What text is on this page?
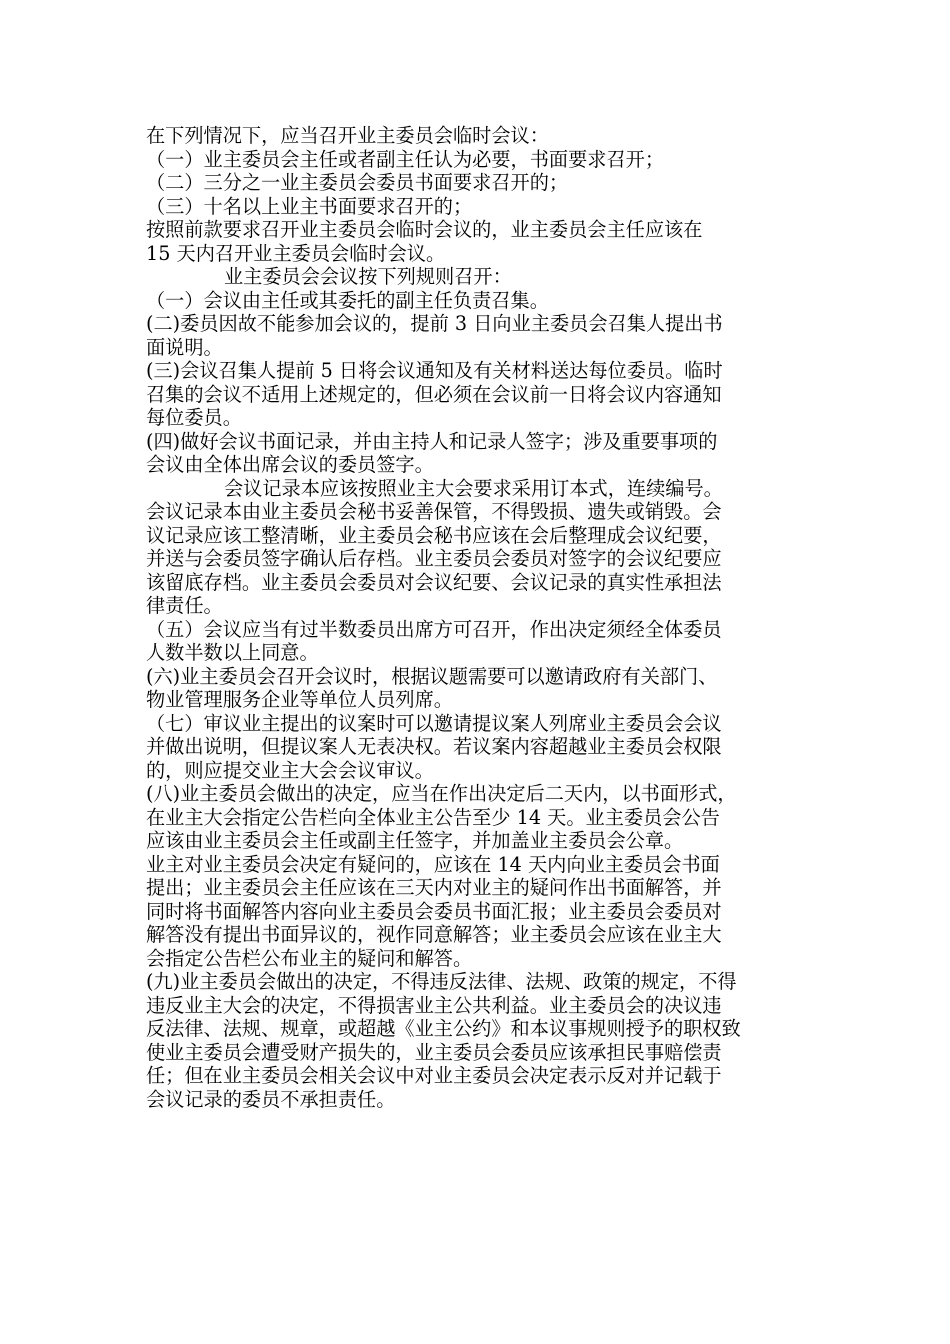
在下列情况下，应当召开业主委员会临时会议：
（一）业主委员会主任或者副主任认为必要，书面要求召开；
（二）三分之一业主委员会委员书面要求召开的；
（三）十名以上业主书面要求召开的；
按照前款要求召开业主委员会临时会议的，业主委员会主任应该在
15 天内召开业主委员会临时会议。
业主委员会会议按下列规则召开：
（一）会议由主任或其委托的副主任负责召集。
(二)委员因故不能参加会议的，提前 3 日向业主委员会召集人提出书
面说明。
(三)会议召集人提前 5 日将会议通知及有关材料送达每位委员。临时
召集的会议不适用上述规定的，但必须在会议前一日将会议内容通知
每位委员。
(四)做好会议书面记录，并由主持人和记录人签字；涉及重要事项的
会议由全体出席会议的委员签字。
会议记录本应该按照业主大会要求采用订本式，连续编号。
会议记录本由业主委员会秘书妥善保管，不得毁损、遗失或销毁。会
议记录应该工整清晰，业主委员会秘书应该在会后整理成会议纪要，
并送与会委员签字确认后存档。业主委员会委员对签字的会议纪要应
该留底存档。业主委员会委员对会议纪要、会议记录的真实性承担法
律责任。
（五）会议应当有过半数委员出席方可召开，作出决定须经全体委员
人数半数以上同意。
(六)业主委员会召开会议时，根据议题需要可以邀请政府有关部门、
物业管理服务企业等单位人员列席。
（七）审议业主提出的议案时可以邀请提议案人列席业主委员会会议
并做出说明，但提议案人无表决权。若议案内容超越业主委员会权限
的，则应提交业主大会会议审议。
(八)业主委员会做出的决定，应当在作出决定后二天内，以书面形式，
在业主大会指定公告栏向全体业主公告至少 14 天。业主委员会公告
应该由业主委员会主任或副主任签字，并加盖业主委员会公章。
业主对业主委员会决定有疑问的，应该在 14 天内向业主委员会书面
提出；业主委员会主任应该在三天内对业主的疑问作出书面解答，并
同时将书面解答内容向业主委员会委员书面汇报；业主委员会委员对
解答没有提出书面异议的，视作同意解答；业主委员会应该在业主大
会指定公告栏公布业主的疑问和解答。
(九)业主委员会做出的决定，不得违反法律、法规、政策的规定，不得
违反业主大会的决定，不得损害业主公共利益。业主委员会的决议违
反法律、法规、规章，或超越《业主公约》和本议事规则授予的职权致
使业主委员会遭受财产损失的，业主委员会委员应该承担民事赔偿责
任；但在业主委员会相关会议中对业主委员会决定表示反对并记载于
会议记录的委员不承担责任。
